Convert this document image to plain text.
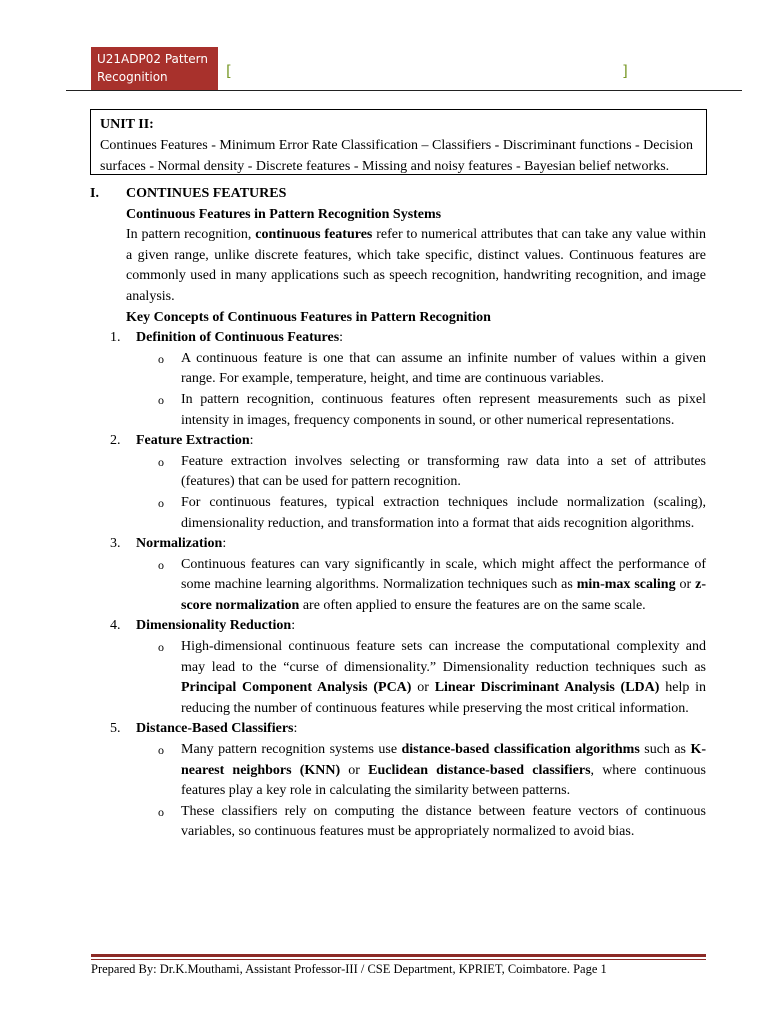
U21ADP02 Pattern Recognition	[	]
UNIT II:
Continues Features - Minimum Error Rate Classification – Classifiers - Discriminant functions - Decision surfaces - Normal density - Discrete features - Missing and noisy features - Bayesian belief networks.
I.	CONTINUES FEATURES
Continuous Features in Pattern Recognition Systems
In pattern recognition, continuous features refer to numerical attributes that can take any value within a given range, unlike discrete features, which take specific, distinct values. Continuous features are commonly used in many applications such as speech recognition, handwriting recognition, and image analysis.
Key Concepts of Continuous Features in Pattern Recognition
1. Definition of Continuous Features:
o A continuous feature is one that can assume an infinite number of values within a given range. For example, temperature, height, and time are continuous variables.
o In pattern recognition, continuous features often represent measurements such as pixel intensity in images, frequency components in sound, or other numerical representations.
2. Feature Extraction:
o Feature extraction involves selecting or transforming raw data into a set of attributes (features) that can be used for pattern recognition.
o For continuous features, typical extraction techniques include normalization (scaling), dimensionality reduction, and transformation into a format that aids recognition algorithms.
3. Normalization:
o Continuous features can vary significantly in scale, which might affect the performance of some machine learning algorithms. Normalization techniques such as min-max scaling or z-score normalization are often applied to ensure the features are on the same scale.
4. Dimensionality Reduction:
o High-dimensional continuous feature sets can increase the computational complexity and may lead to the “curse of dimensionality.” Dimensionality reduction techniques such as Principal Component Analysis (PCA) or Linear Discriminant Analysis (LDA) help in reducing the number of continuous features while preserving the most critical information.
5. Distance-Based Classifiers:
o Many pattern recognition systems use distance-based classification algorithms such as K-nearest neighbors (KNN) or Euclidean distance-based classifiers, where continuous features play a key role in calculating the similarity between patterns.
o These classifiers rely on computing the distance between feature vectors of continuous variables, so continuous features must be appropriately normalized to avoid bias.
Prepared By: Dr.K.Mouthami, Assistant Professor-III / CSE Department, KPRIET, Coimbatore. Page 1
